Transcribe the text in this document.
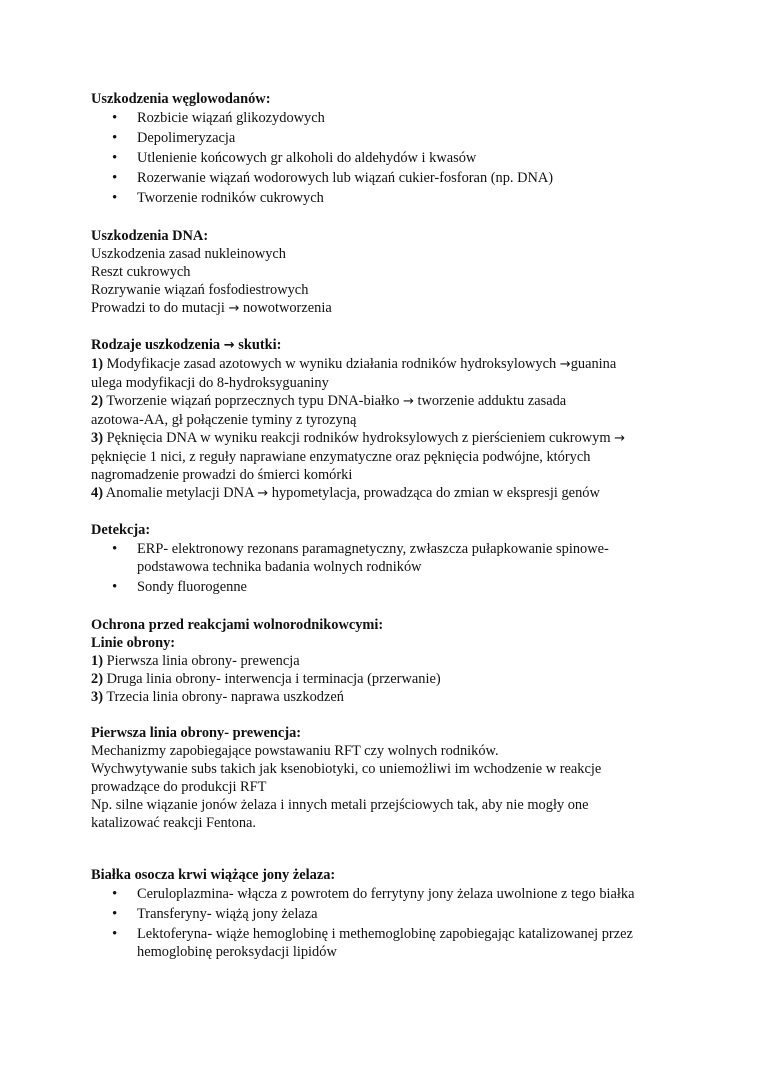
Uszkodzenia węglowodanów:
• Rozbicie wiązań glikozydowych
• Depolimeryzacja
• Utlenienie końcowych gr alkoholi do aldehydów i kwasów
• Rozerwanie wiązań wodorowych lub wiązań cukier-fosforan (np. DNA)
• Tworzenie rodników cukrowych
Uszkodzenia DNA:
Uszkodzenia zasad nukleinowych
Reszt cukrowych
Rozrywanie wiązań fosfodiestrowych
Prowadzi to do mutacji → nowotworzenia
Rodzaje uszkodzenia → skutki:
1) Modyfikacje zasad azotowych w wyniku działania rodników hydroksylowych →guanina
ulega modyfikacji do 8-hydroksyguaniny
2) Tworzenie wiązań poprzecznych typu DNA-białko → tworzenie adduktu zasada
azotowa-AA, gł połączenie tyminy z tyrozyną
3) Pęknięcia DNA w wyniku reakcji rodników hydroksylowych z pierścieniem cukrowym →
pęknięcie 1 nici, z reguły naprawiane enzymatyczne oraz pęknięcia podwójne, których
nagromadzenie prowadzi do śmierci komórki
4) Anomalie metylacji DNA → hypometylacja, prowadząca do zmian w ekspresji genów
Detekcja:
• ERP- elektronowy rezonans paramagnetyczny, zwłaszcza pułapkowanie spinowe-
podstawowa technika badania wolnych rodników
• Sondy fluorogenne
Ochrona przed reakcjami wolnorodnikowcymi:
Linie obrony:
1) Pierwsza linia obrony- prewencja
2) Druga linia obrony- interwencja i terminacja (przerwanie)
3) Trzecia linia obrony- naprawa uszkodzeń
Pierwsza linia obrony- prewencja:
Mechanizmy zapobiegające powstawaniu RFT czy wolnych rodników.
Wychwytywanie subs takich jak ksenobiotyki, co uniemożliwi im wchodzenie w reakcje
prowadzące do produkcji RFT
Np. silne wiązanie jonów żelaza i innych metali przejściowych tak, aby nie mogły one
katalizować reakcji Fentona.
Białka osocza krwi wiążące jony żelaza:
• Ceruloplazmina- włącza z powrotem do ferrytyny jony żelaza uwolnione z tego białka
• Transferyny- wiążą jony żelaza
• Lektoferyna- wiąże hemoglobinę i methemoglobinę zapobiegając katalizowanej przez
hemoglobinę peroksydacji lipidów
